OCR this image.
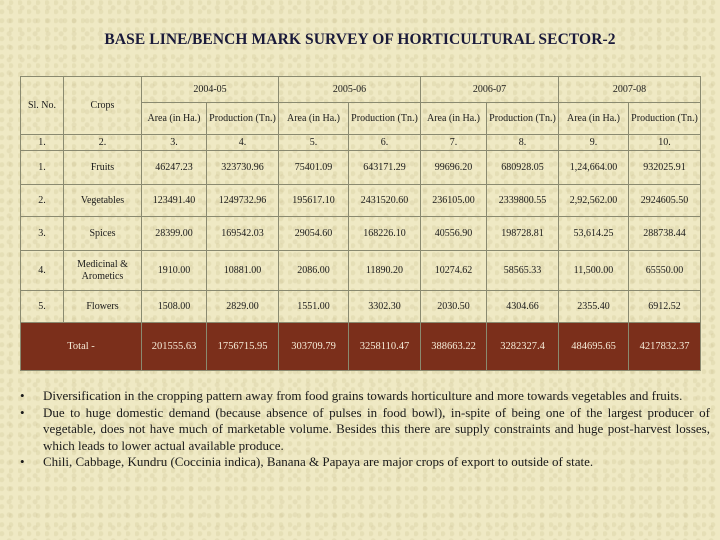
BASE LINE/BENCH MARK SURVEY OF HORTICULTURAL SECTOR-2
Sl. No.	Crops	2004-05		2005-06		2006-07		2007-08	
		Area (in Ha.)	Production (Tn.)	Area (in Ha.)	Production (Tn.)	Area (in Ha.)	Production (Tn.)	Area (in Ha.)	Production (Tn.)
1.	2.	3.	4.	5.	6.	7.	8.	9.	10.
1.	Fruits	46247.23	323730.96	75401.09	643171.29	99696.20	680928.05	1,24,664.00	932025.91
2.	Vegetables	123491.40	1249732.96	195617.10	2431520.60	236105.00	2339800.55	2,92,562.00	2924605.50
3.	Spices	28399.00	169542.03	29054.60	168226.10	40556.90	198728.81	53,614.25	288738.44
4.	Medicinal & Arometics	1910.00	10881.00	2086.00	11890.20	10274.62	58565.33	11,500.00	65550.00
5.	Flowers	1508.00	2829.00	1551.00	3302.30	2030.50	4304.66	2355.40	6912.52
Total -		201555.63	1756715.95	303709.79	3258110.47	388663.22	3282327.4	484695.65	4217832.37
• Diversification in the cropping pattern away from food grains towards horticulture and more towards vegetables and fruits.
• Due to huge domestic demand (because absence of pulses in food bowl), in-spite of being one of the largest producer of vegetable, does not have much of marketable volume. Besides this there are supply constraints and huge post-harvest losses, which leads to lower actual available produce.
• Chili, Cabbage, Kundru (Coccinia indica), Banana & Papaya are major crops of export to outside of state.
